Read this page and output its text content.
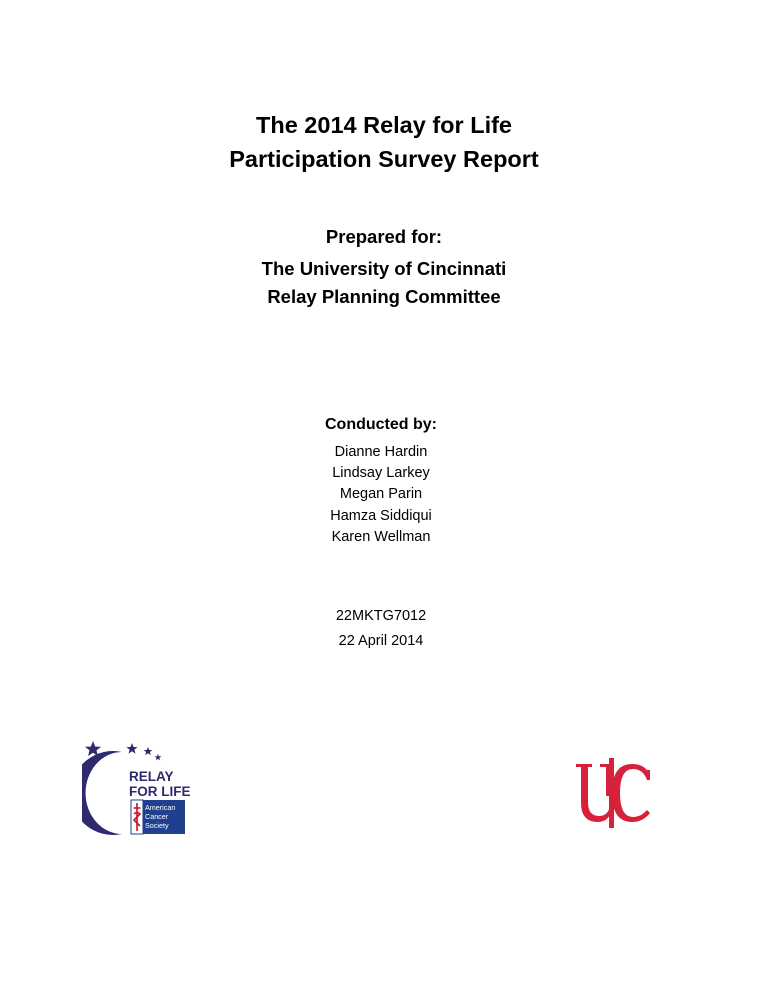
The 2014 Relay for Life
Participation Survey Report
Prepared for:
The University of Cincinnati
Relay Planning Committee
Conducted by:
Dianne Hardin
Lindsay Larkey
Megan Parin
Hamza Siddiqui
Karen Wellman
22MKTG7012
22 April 2014
RELAY
FOR LIFE
American
Cancer
Society
